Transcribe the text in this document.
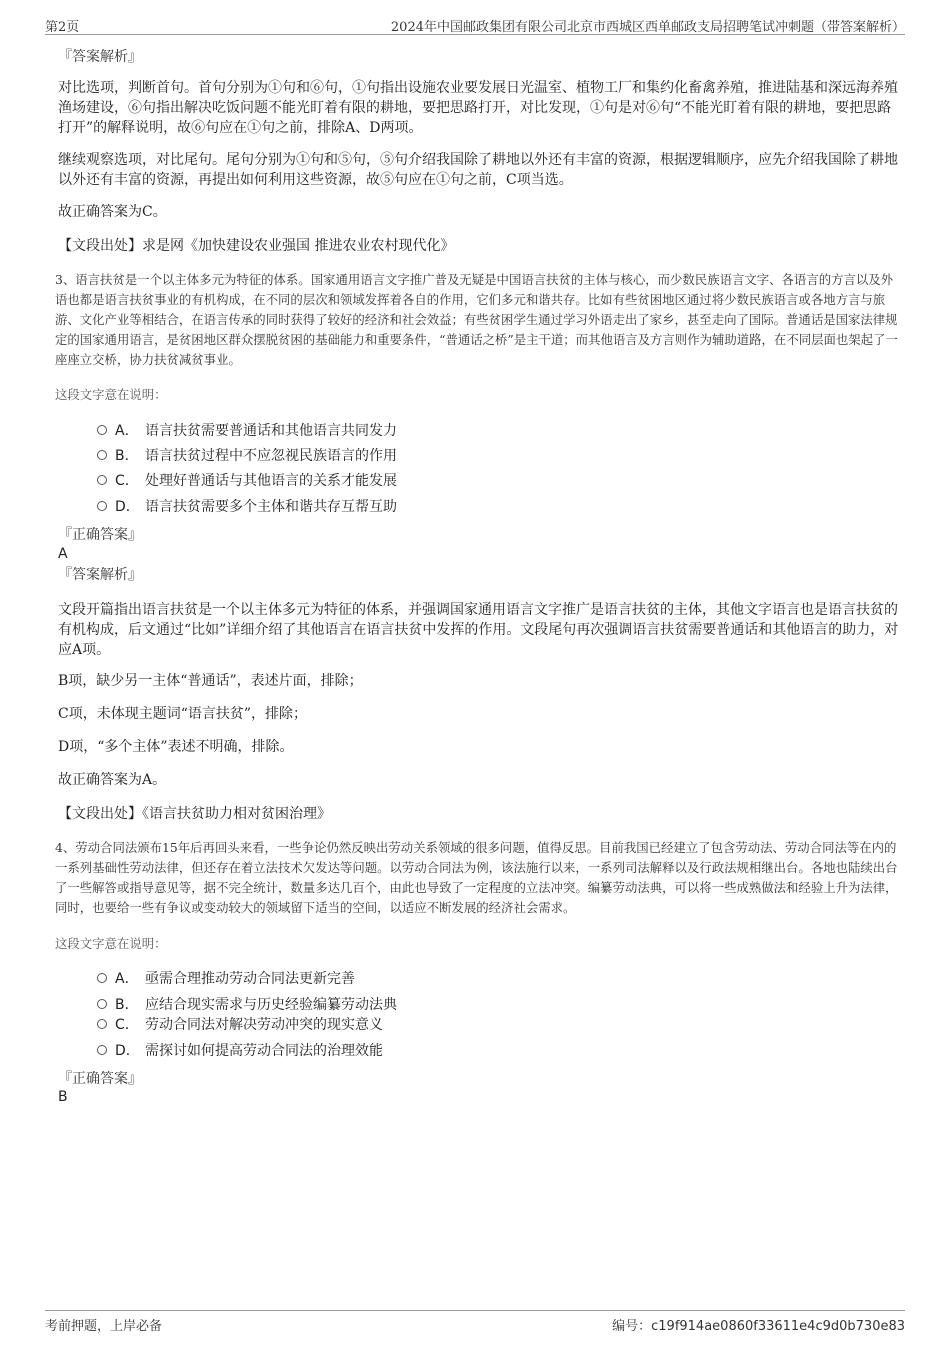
第2页	2024年中国邮政集团有限公司北京市西城区西单邮政支局招聘笔试冲刺题（带答案解析）
『答案解析』

对比选项，判断首句。首句分别为①句和⑥句，①句指出设施农业要发展日光温室、植物工厂和集约化畜禽养殖，推进陆基和深远海养殖渔场建设，⑥句指出解决吃饭问题不能光盯着有限的耕地，要把思路打开，对比发现，①句是对⑥句“不能光盯着有限的耕地，要把思路打开”的解释说明，故⑥句应在①句之前，排除A、D两项。

继续观察选项，对比尾句。尾句分别为①句和⑤句，⑤句介绍我国除了耕地以外还有丰富的资源，根据逻辑顺序，应先介绍我国除了耕地以外还有丰富的资源，再提出如何利用这些资源，故⑤句应在①句之前，C项当选。

故正确答案为C。

【文段出处】求是网《加快建设农业强国 推进农业农村现代化》

3、语言扶贫是一个以主体多元为特征的体系。国家通用语言文字推广普及无疑是中国语言扶贫的主体与核心，而少数民族语言文字、各语言的方言以及外语也都是语言扶贫事业的有机构成，在不同的层次和领域发挥着各自的作用，它们多元和谐共存。比如有些贫困地区通过将少数民族语言或各地方言与旅游、文化产业等相结合，在语言传承的同时获得了较好的经济和社会效益；有些贫困学生通过学习外语走出了家乡，甚至走向了国际。普通话是国家法律规定的国家通用语言，是贫困地区群众摆脱贫困的基础能力和重要条件，“普通话之桥”是主干道；而其他语言及方言则作为辅助道路，在不同层面也架起了一座座立交桥，协力扶贫减贫事业。

这段文字意在说明：
A． 语言扶贫需要普通话和其他语言共同发力
B． 语言扶贫过程中不应忽视民族语言的作用
C． 处理好普通话与其他语言的关系才能发展
D． 语言扶贫需要多个主体和谐共存互帮互助
『正确答案』
A
『答案解析』

文段开篇指出语言扶贫是一个以主体多元为特征的体系，并强调国家通用语言文字推广是语言扶贫的主体，其他文字语言也是语言扶贫的有机构成，后文通过“比如”详细介绍了其他语言在语言扶贫中发挥的作用。文段尾句再次强调语言扶贫需要普通话和其他语言的助力，对应A项。

B项，缺少另一主体“普通话”，表述片面，排除；

C项，未体现主题词“语言扶贫”，排除；

D项，“多个主体”表述不明确，排除。

故正确答案为A。

【文段出处】《语言扶贫助力相对贫困治理》

4、劳动合同法颁布15年后再回头来看，一些争论仍然反映出劳动关系领域的很多问题，值得反思。目前我国已经建立了包含劳动法、劳动合同法等在内的一系列基础性劳动法律，但还存在着立法技术欠发达等问题。以劳动合同法为例，该法施行以来，一系列司法解释以及行政法规相继出台。各地也陆续出台了一些解答或指导意见等，据不完全统计，数量多达几百个，由此也导致了一定程度的立法冲突。编纂劳动法典，可以将一些成熟做法和经验上升为法律，同时，也要给一些有争议或变动较大的领域留下适当的空间，以适应不断发展的经济社会需求。

这段文字意在说明：
A． 亟需合理推动劳动合同法更新完善
B． 应结合现实需求与历史经验编纂劳动法典
C． 劳动合同法对解决劳动冲突的现实意义
D． 需探讨如何提高劳动合同法的治理效能
『正确答案』
B
考前押题，上岸必备	编号：c19f914ae0860f33611e4c9d0b730e83
